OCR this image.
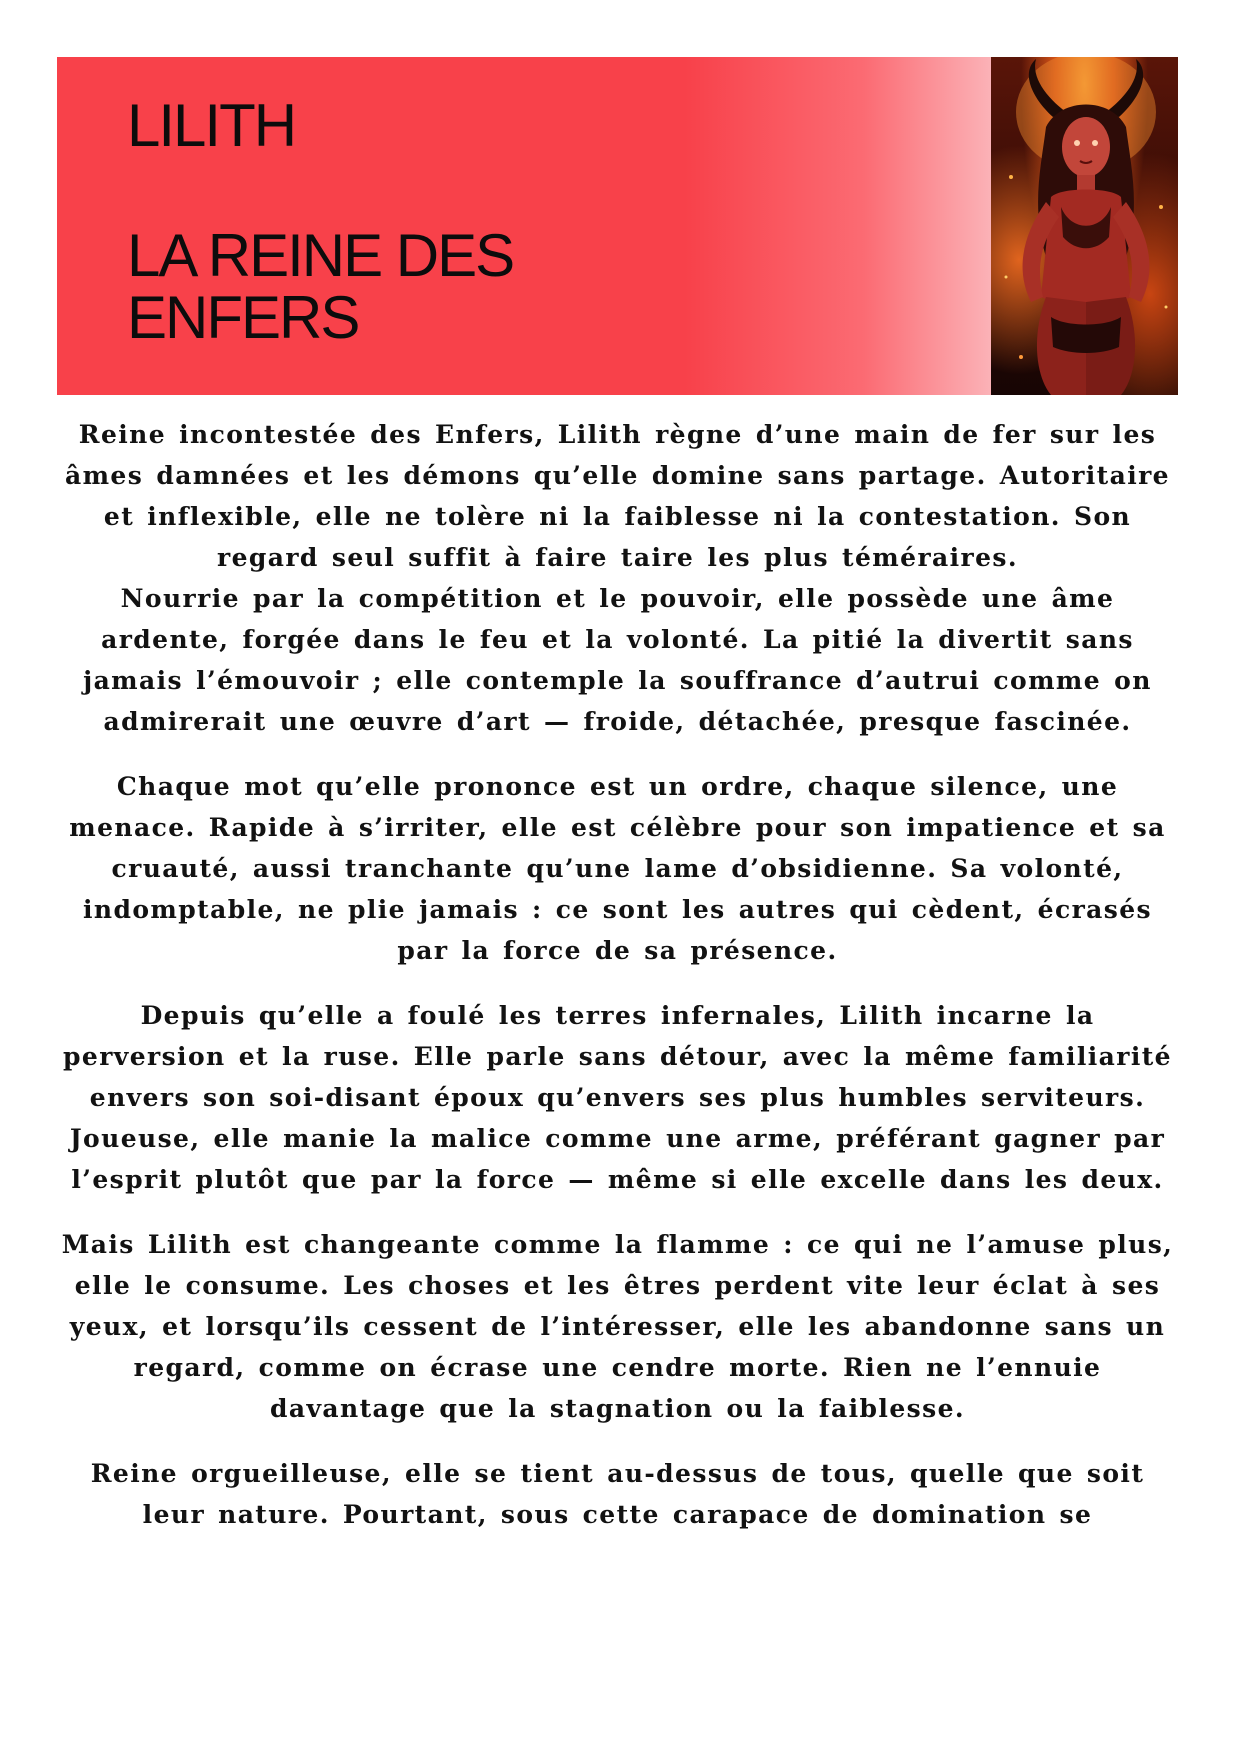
LILITH
LA REINE DES ENFERS

Reine incontestée des Enfers, Lilith règne d’une main de fer sur les âmes damnées et les démons qu’elle domine sans partage. Autoritaire et inflexible, elle ne tolère ni la faiblesse ni la contestation. Son regard seul suffit à faire taire les plus téméraires.

Nourrie par la compétition et le pouvoir, elle possède une âme ardente, forgée dans le feu et la volonté. La pitié la divertit sans jamais l’émouvoir ; elle contemple la souffrance d’autrui comme on admirerait une œuvre d’art — froide, détachée, presque fascinée.

Chaque mot qu’elle prononce est un ordre, chaque silence, une menace. Rapide à s’irriter, elle est célèbre pour son impatience et sa cruauté, aussi tranchante qu’une lame d’obsidienne. Sa volonté, indomptable, ne plie jamais : ce sont les autres qui cèdent, écrasés par la force de sa présence.

Depuis qu’elle a foulé les terres infernales, Lilith incarne la perversion et la ruse. Elle parle sans détour, avec la même familiarité envers son soi-disant époux qu’envers ses plus humbles serviteurs. Joueuse, elle manie la malice comme une arme, préférant gagner par l’esprit plutôt que par la force — même si elle excelle dans les deux.

Mais Lilith est changeante comme la flamme : ce qui ne l’amuse plus, elle le consume. Les choses et les êtres perdent vite leur éclat à ses yeux, et lorsqu’ils cessent de l’intéresser, elle les abandonne sans un regard, comme on écrase une cendre morte. Rien ne l’ennuie davantage que la stagnation ou la faiblesse.

Reine orgueilleuse, elle se tient au-dessus de tous, quelle que soit leur nature. Pourtant, sous cette carapace de domination se
